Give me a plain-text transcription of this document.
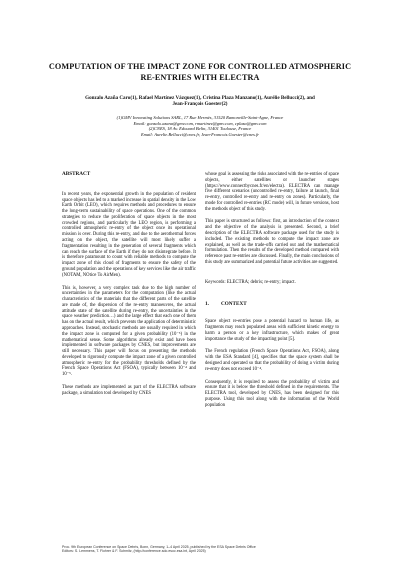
COMPUTATION OF THE IMPACT ZONE FOR CONTROLLED ATMOSPHERIC
RE-ENTRIES WITH ELECTRA
Gonzalo Azaña Caro(1), Rafael Martínez Vázquez(1), Cristina Plaza Manzano(1), Aurélie Bellucci(2), and
Jean-François Goester(2)
(1)GMV Innovating Solutions SARL, 17 Rue Hermès, 31520 Ramonville-Saint-Agne, France
Email: gonzalo.azana@gmv.com, rmartinez@gmv.com, cplaza@gmv.com
(2)CNES, 18 Av. Edouard Belin, 31401 Toulouse, France
Email: Aurelie.Bellucci@cnes.fr, Jean-Francois.Goester@cnes.fr
ABSTRACT

In recent years, the exponential growth in the population of resident space objects has led to a marked increase in spatial density in the Low Earth Orbit (LEO), which requires methods and procedures to ensure the long-term sustainability of space operations. One of the common strategies to reduce the proliferation of space objects in the most crowded regions, and particularly the LEO region, is performing a controlled atmospheric re-entry of the object once its operational mission is over. During this re-entry, and due to the aerothermal forces acting on the object, the satellite will most likely suffer a fragmentation resulting in the generation of several fragments which can reach the surface of the Earth if they do not disintegrate before. It is therefore paramount to count with reliable methods to compute the impact zone of this cloud of fragments to ensure the safety of the ground population and the operations of key services like the air traffic (NOTAM, NOtice To AirMen).

This is, however, a very complex task due to the high number of uncertainties in the parameters for the computation (like the actual characteristics of the materials that the different parts of the satellite are made of, the dispersion of the re-entry manoeuvres, the actual attitude state of the satellite during re-entry, the uncertainties in the space weather prediction…) and the large effect that each one of them has on the actual result, which prevents the application of deterministic approaches. Instead, stochastic methods are usually required in which the impact zone is computed for a given probability (10⁻⁵) in the mathematical sense. Some algorithms already exist and have been implemented in software packages by CNES, but improvements are still necessary. This paper will focus on presenting the methods developed to rigorously compute the impact zone of a given controlled atmospheric re-entry for the probability thresholds defined by the French Space Operations Act (FSOA), typically between 10⁻⁴ and 10⁻⁵.

These methods are implemented as part of the ELECTRA software package, a simulation tool developed by CNES

whose goal is assessing the risks associated with the re-entries of space objects, either satellites or launcher stages (https://www.connectbycnes.fr/en/electra). ELECTRA can manage five different scenarios (uncontrolled re-entry, failure at launch, final re-entry, controlled re-entry and re-entry on zones). Particularly, the mode for controlled re-entries (RC mode) will, in future versions, host the methods object of this study.

This paper is structured as follows: first, an introduction of the context and the objective of the analysis is presented. Second, a brief description of the ELECTRA software package used for the study is included. The existing methods to compute the impact zone are explained, as well as the trade-offs carried out and the mathematical formulation. Then the results of the developed method compared with reference past re-entries are discussed. Finally, the main conclusions of this study are summarized and potential future activities are suggested.

Keywords: ELECTRA; debris; re-entry; impact.

1. CONTEXT

Space object re-entries pose a potential hazard to human life, as fragments may reach populated areas with sufficient kinetic energy to harm a person or a key infrastructure, which makes of great importance the study of the impacting point [5].

The French regulation (French Space Operations Act, FSOA), along with the ESA Standard [4], specifies that the space system shall be designed and operated so that the probability of doing a victim during re-entry does not exceed 10⁻⁴.

Consequently, it is required to assess the probability of victim and ensure that it is below the threshold defined in the requirements. The ELECTRA tool, developed by CNES, has been designed for this purpose. Using this tool along with the information of the World population

Proc. 9th European Conference on Space Debris, Bonn, Germany, 1–4 April 2025, published by the ESA Space Debris Office
Editors: S. Lemmens, T. Flohrer & F. Schmitz, (http://conference.sdo.esoc.esa.int, April 2025)
